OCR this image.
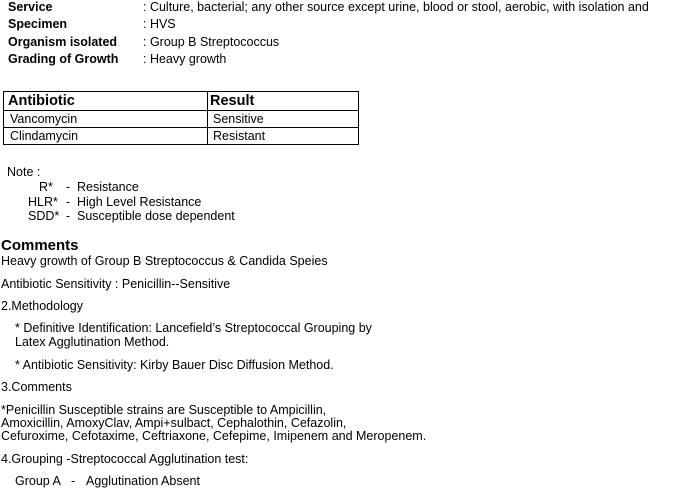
Service	: Culture, bacterial; any other source except urine, blood or stool, aerobic, with isolation and
Specimen	: HVS
Organism isolated : Group B Streptococcus
Grading of Growth : Heavy growth
Antibiotic	Result
Vancomycin	Sensitive
Clindamycin	Resistant
Note :
R* - Resistance
HLR* - High Level Resistance
SDD* - Susceptible dose dependent
Comments
Heavy growth of Group B Streptococcus & Candida Speies
Antibiotic Sensitivity : Penicillin--Sensitive
2.Methodology
* Definitive Identification: Lancefield’s Streptococcal Grouping by
Latex Agglutination Method.
* Antibiotic Sensitivity: Kirby Bauer Disc Diffusion Method.
3.Comments
*Penicillin Susceptible strains are Susceptible to Ampicillin,
Amoxicillin, AmoxyClav, Ampi+sulbact, Cephalothin, Cefazolin,
Cefuroxime, Cefotaxime, Ceftriaxone, Cefepime, Imipenem and Meropenem.
4.Grouping -Streptococcal Agglutination test:
Group A - Agglutination Absent
